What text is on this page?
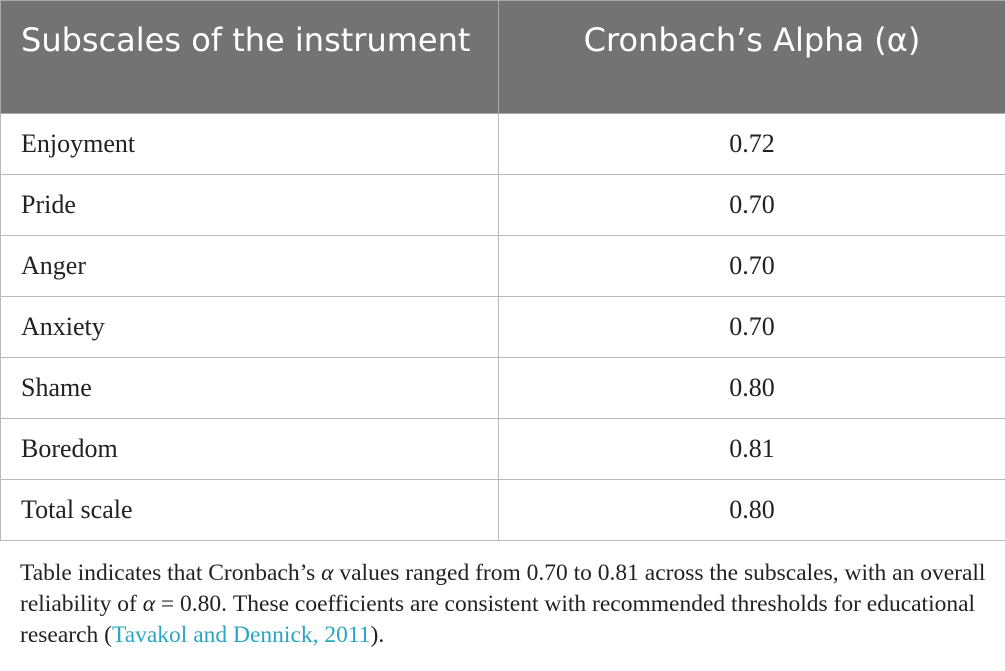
Subscales of the instrument	Cronbach’s Alpha (α)
Enjoyment	0.72
Pride	0.70
Anger	0.70
Anxiety	0.70
Shame	0.80
Boredom	0.81
Total scale	0.80

Table indicates that Cronbach’s α values ranged from 0.70 to 0.81 across the subscales, with an overall reliability of α = 0.80. These coefficients are consistent with recommended thresholds for educational research (Tavakol and Dennick, 2011).
